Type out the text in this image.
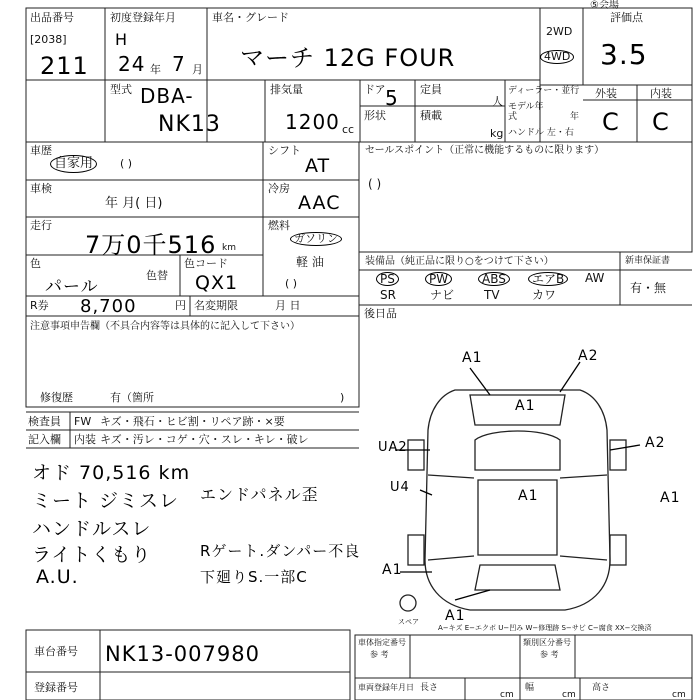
出品番号
[2038]
211
初度登録年月
H
24 年 7 月
車名・グレード
マーチ 12G FOUR
2WD
4WD
評価点
3.5
⑤会場
型式 DBA-
NK13
排気量
1200 cc
ドア 5
形状
定員
人
積載
kg
ディーラー・並行
モデル年式	年
ハンドル 左・右
外装	内装
C C
車歴
自家用	( )
車検
年 月( 日)
走行
7万0千516 km
色
パール
色替
色コード
QX1
R券 8,700	円 名変期限	月 日
注意事項申告欄（不具合内容等は具体的に記入して下さい）
修復歴	有（箇所	)
シフト
AT
冷房
AAC
燃料
ガソリン
軽 油
( )
セールスポイント（正常に機能するものに限ります）
( )
装備品（純正品に限り○をつけて下さい）	新車保証書
PS	PW	ABS	エアB	AW
SR	ナビ TV	カワ	有・無
後日品
検査員 FW キズ・飛石・ヒビ割・リペア跡・×要
記入欄 内装 キズ・汚レ・コゲ・穴・スレ・キレ・破レ
オド 70,516 km
ミート ジミスレ
ハンドルスレ
ライトくもり
A.U.
エンドパネル歪
Rゲート.ダンパー不良
下廻りS.一部C
A1	A2
A1
UA2	A2
U4
A1	A1
A1
A1
スペア
A−キズ E−エクボ U−凹み W−修理跡 S−サビ C−腐食 XX−交換済
車台番号 NK13-007980
登録番号
車体指定番号
参 考
車両登録年月日
類別区分番号
参 考
長さ
cm
幅
cm
高さ
cm
